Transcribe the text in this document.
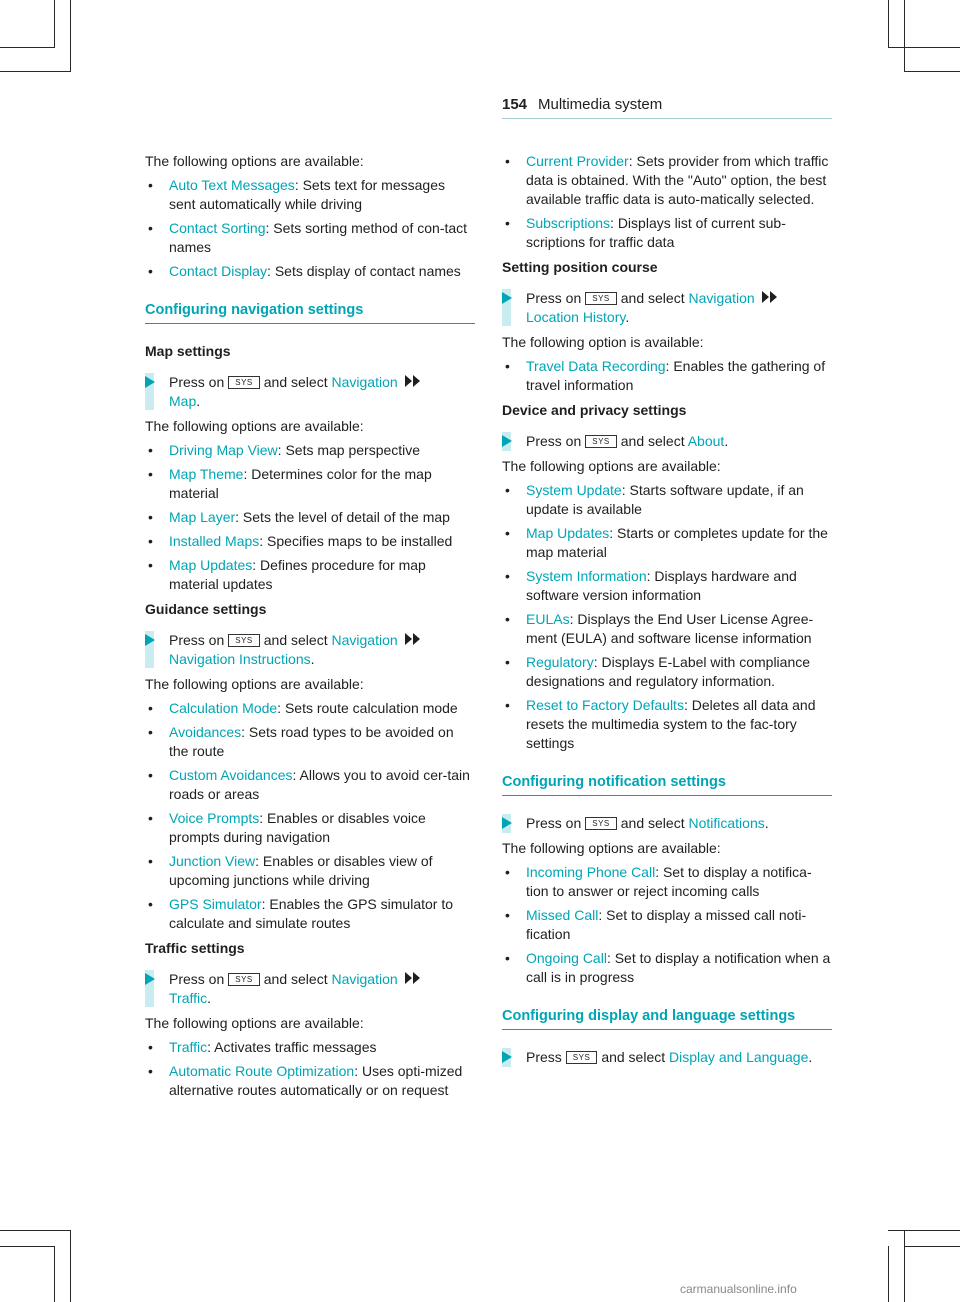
154 Multimedia system

The following options are available:

• Auto Text Messages: Sets text for messages sent automatically while driving
• Contact Sorting: Sets sorting method of con-tact names
• Contact Display: Sets display of contact names
Configuring navigation settings
Map settings
Press on SYS and select Navigation

Map.

The following options are available:

• Driving Map View: Sets map perspective
• Map Theme: Determines color for the map material
• Map Layer: Sets the level of detail of the map
• Installed Maps: Specifies maps to be installed
• Map Updates: Defines procedure for map material updates
Guidance settings
Press on SYS and select Navigation

Navigation Instructions.

The following options are available:

• Calculation Mode: Sets route calculation mode
• Avoidances: Sets road types to be avoided on the route
• Custom Avoidances: Allows you to avoid cer-tain roads or areas
• Voice Prompts: Enables or disables voice prompts during navigation
• Junction View: Enables or disables view of upcoming junctions while driving
• GPS Simulator: Enables the GPS simulator to calculate and simulate routes
Traffic settings
Press on SYS and select Navigation

Traffic.

The following options are available:

• Traffic: Activates traffic messages
• Automatic Route Optimization: Uses opti-mized alternative routes automatically or on request
• Current Provider: Sets provider from which traffic data is obtained. With the "Auto" option, the best available traffic data is auto-matically selected.
• Subscriptions: Displays list of current sub-scriptions for traffic data
Setting position course
Press on SYS and select Navigation

Location History.

The following option is available:

• Travel Data Recording: Enables the gathering of travel information
Device and privacy settings
Press on SYS and select About.

The following options are available:

• System Update: Starts software update, if an update is available
• Map Updates: Starts or completes update for the map material
• System Information: Displays hardware and software version information
• EULAs: Displays the End User License Agree-ment (EULA) and software license information
• Regulatory: Displays E-Label with compliance designations and regulatory information.
• Reset to Factory Defaults: Deletes all data and resets the multimedia system to the fac-tory settings
Configuring notification settings
Press on SYS and select Notifications.

The following options are available:

• Incoming Phone Call: Set to display a notifica-tion to answer or reject incoming calls
• Missed Call: Set to display a missed call noti-fication
• Ongoing Call: Set to display a notification when a call is in progress
Configuring display and language settings
Press SYS and select Display and Language.
carmanualsonline.info
